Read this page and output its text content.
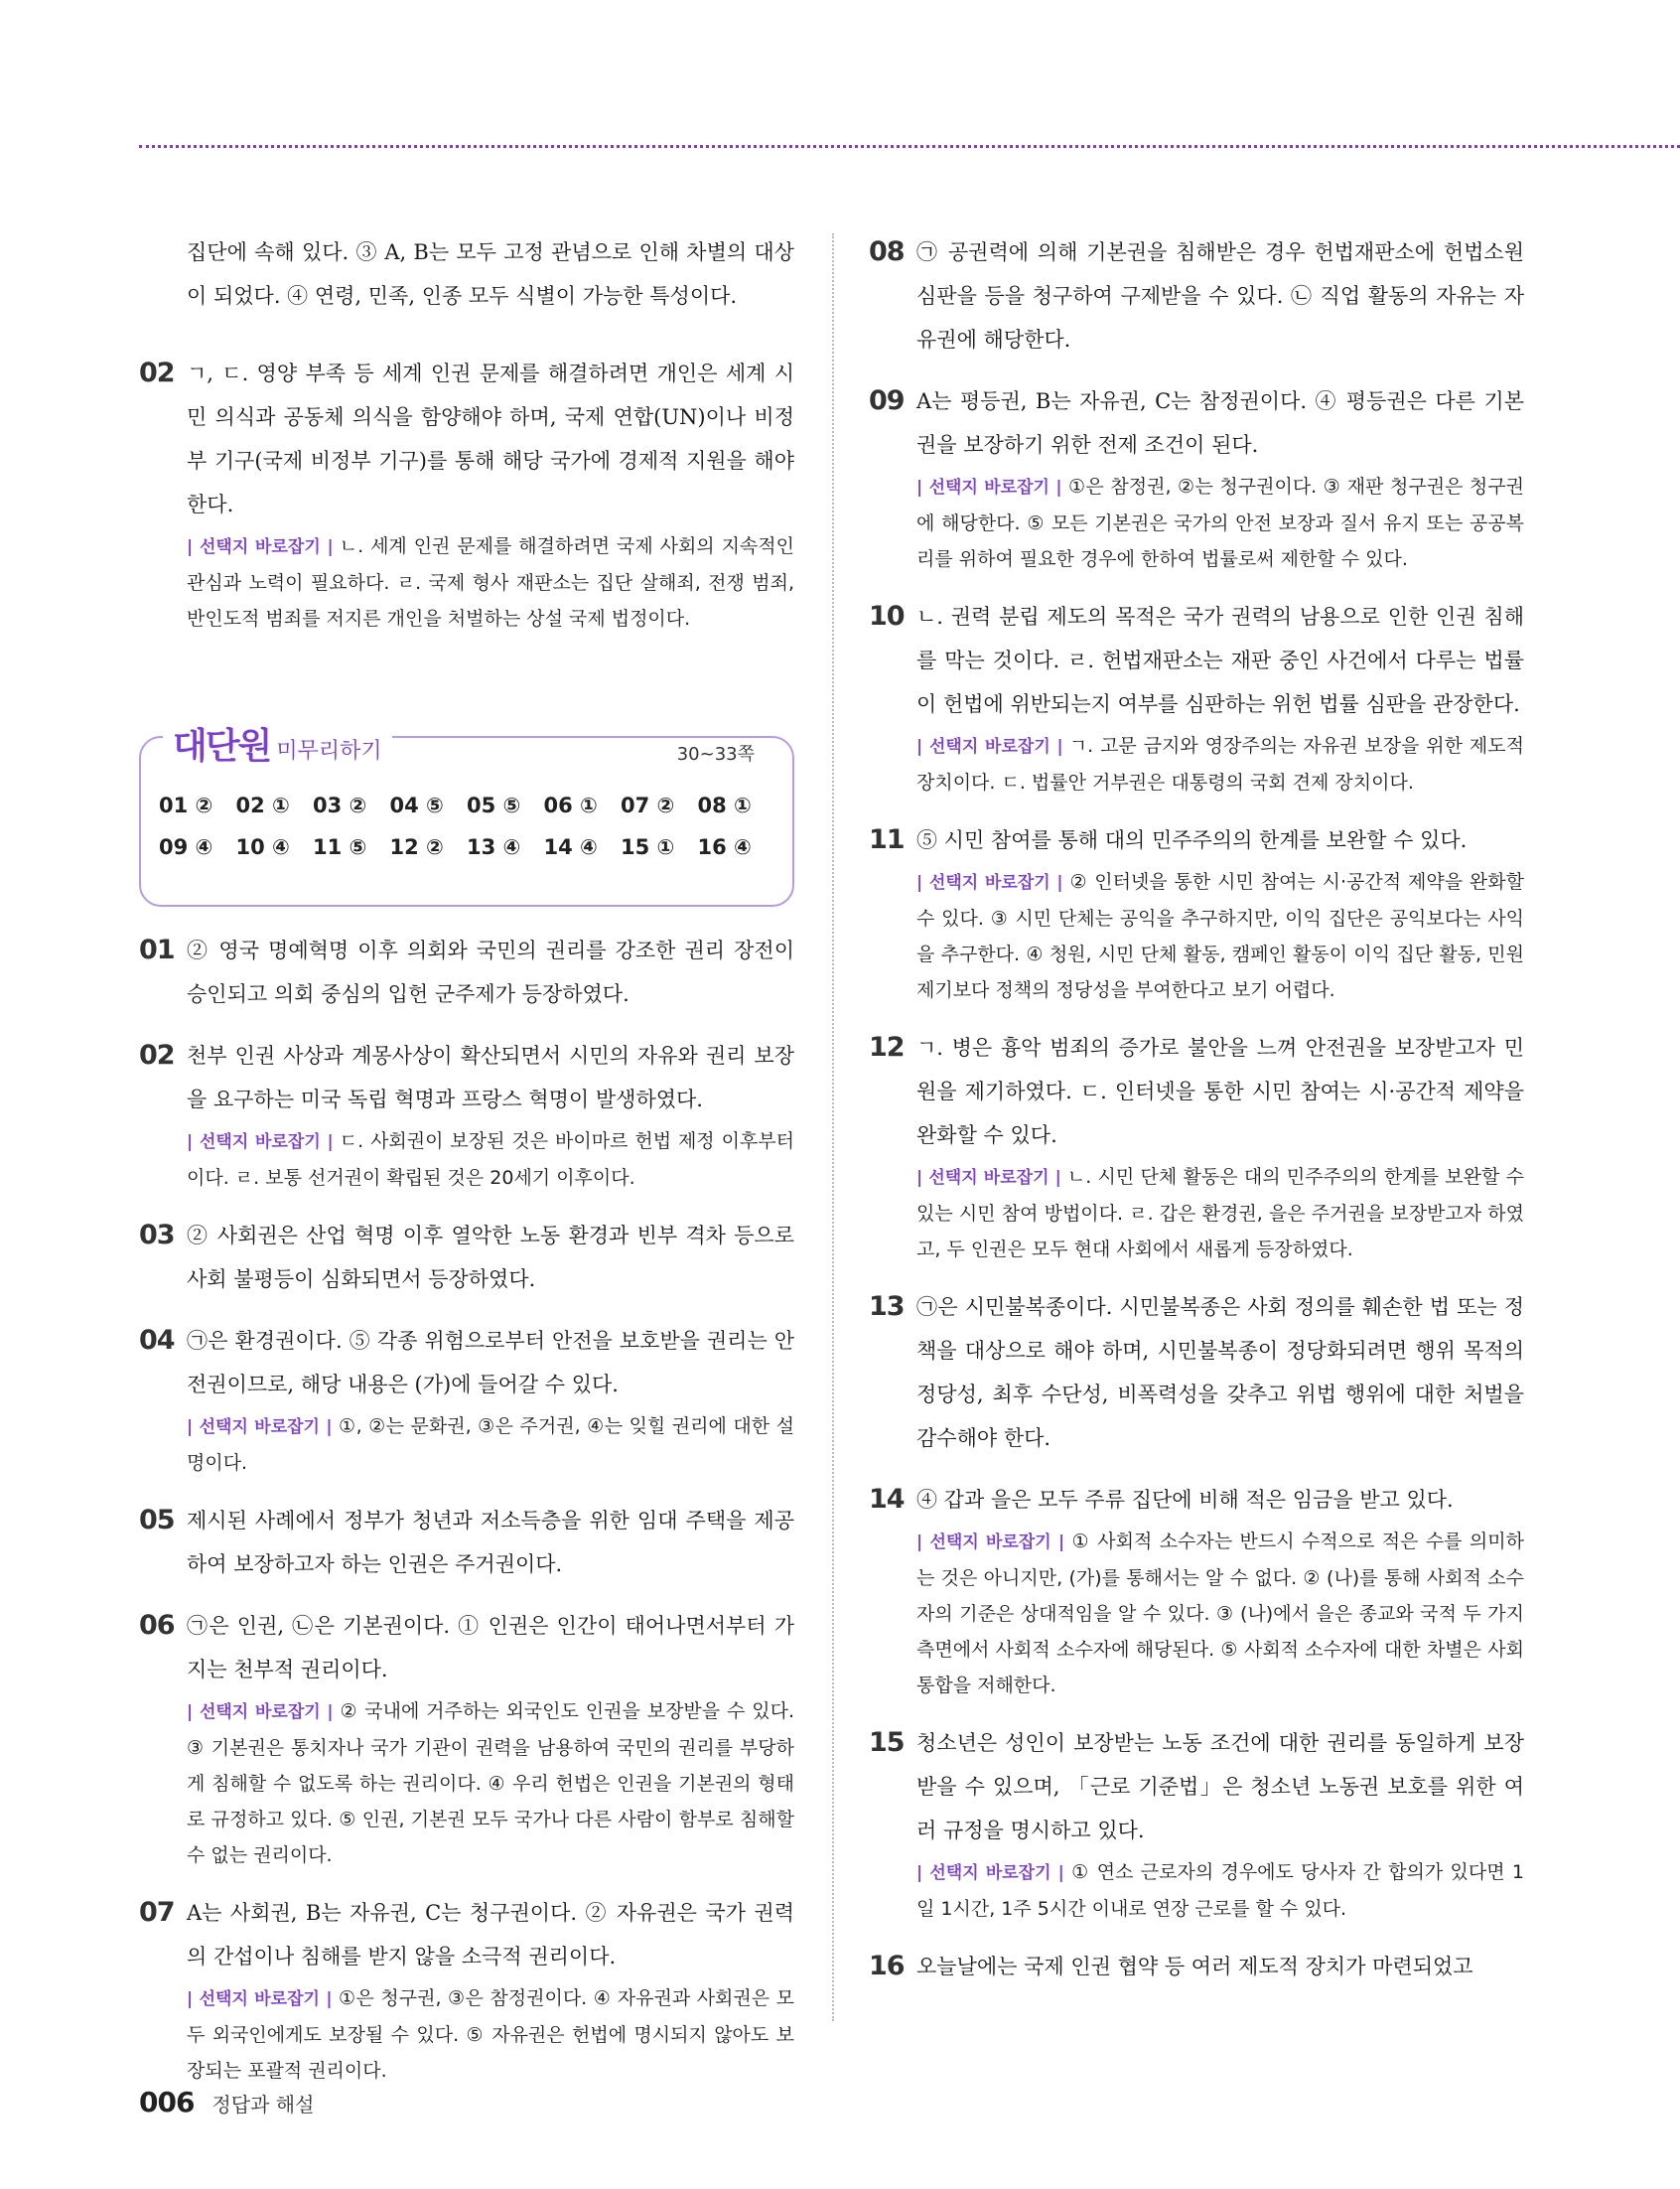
집단에 속해 있다. ③ A, B는 모두 고정 관념으로 인해 차별의 대상이 되었다. ④ 연령, 민족, 인종 모두 식별이 가능한 특성이다.
02 ㄱ, ㄷ. 영양 부족 등 세계 인권 문제를 해결하려면 개인은 세계 시민 의식과 공동체 의식을 함양해야 하며, 국제 연합(UN)이나 비정부 기구(국제 비정부 기구)를 통해 해당 국가에 경제적 지원을 해야 한다.
| 선택지 바로잡기 | ㄴ. 세계 인권 문제를 해결하려면 국제 사회의 지속적인 관심과 노력이 필요하다. ㄹ. 국제 형사 재판소는 집단 살해죄, 전쟁 범죄, 반인도적 범죄를 저지른 개인을 처벌하는 상설 국제 법정이다.
대단원 미무리하기	30~33쪽
01 ②	02 ①	03 ②	04 ⑤	05 ⑤	06 ①	07 ②	08 ①
09 ④	10 ④	11 ⑤	12 ②	13 ④	14 ④	15 ①	16 ④
01 ② 영국 명예혁명 이후 의회와 국민의 권리를 강조한 권리 장전이 승인되고 의회 중심의 입헌 군주제가 등장하였다.
02 천부 인권 사상과 계몽사상이 확산되면서 시민의 자유와 권리 보장을 요구하는 미국 독립 혁명과 프랑스 혁명이 발생하였다.
| 선택지 바로잡기 | ㄷ. 사회권이 보장된 것은 바이마르 헌법 제정 이후부터이다. ㄹ. 보통 선거권이 확립된 것은 20세기 이후이다.
03 ② 사회권은 산업 혁명 이후 열악한 노동 환경과 빈부 격차 등으로 사회 불평등이 심화되면서 등장하였다.
04 ㉠은 환경권이다. ⑤ 각종 위험으로부터 안전을 보호받을 권리는 안전권이므로, 해당 내용은 (가)에 들어갈 수 있다.
| 선택지 바로잡기 | ①, ②는 문화권, ③은 주거권, ④는 잊힐 권리에 대한 설명이다.
05 제시된 사례에서 정부가 청년과 저소득층을 위한 임대 주택을 제공하여 보장하고자 하는 인권은 주거권이다.
06 ㉠은 인권, ㉡은 기본권이다. ① 인권은 인간이 태어나면서부터 가지는 천부적 권리이다.
| 선택지 바로잡기 | ② 국내에 거주하는 외국인도 인권을 보장받을 수 있다. ③ 기본권은 통치자나 국가 기관이 권력을 남용하여 국민의 권리를 부당하게 침해할 수 없도록 하는 권리이다. ④ 우리 헌법은 인권을 기본권의 형태로 규정하고 있다. ⑤ 인권, 기본권 모두 국가나 다른 사람이 함부로 침해할 수 없는 권리이다.
07 A는 사회권, B는 자유권, C는 청구권이다. ② 자유권은 국가 권력의 간섭이나 침해를 받지 않을 소극적 권리이다.
| 선택지 바로잡기 | ①은 청구권, ③은 참정권이다. ④ 자유권과 사회권은 모두 외국인에게도 보장될 수 있다. ⑤ 자유권은 헌법에 명시되지 않아도 보장되는 포괄적 권리이다.
08 ㉠ 공권력에 의해 기본권을 침해받은 경우 헌법재판소에 헌법소원 심판을 등을 청구하여 구제받을 수 있다. ㉡ 직업 활동의 자유는 자유권에 해당한다.
09 A는 평등권, B는 자유권, C는 참정권이다. ④ 평등권은 다른 기본권을 보장하기 위한 전제 조건이 된다.
| 선택지 바로잡기 | ①은 참정권, ②는 청구권이다. ③ 재판 청구권은 청구권에 해당한다. ⑤ 모든 기본권은 국가의 안전 보장과 질서 유지 또는 공공복리를 위하여 필요한 경우에 한하여 법률로써 제한할 수 있다.
10 ㄴ. 권력 분립 제도의 목적은 국가 권력의 남용으로 인한 인권 침해를 막는 것이다. ㄹ. 헌법재판소는 재판 중인 사건에서 다루는 법률이 헌법에 위반되는지 여부를 심판하는 위헌 법률 심판을 관장한다.
| 선택지 바로잡기 | ㄱ. 고문 금지와 영장주의는 자유권 보장을 위한 제도적 장치이다. ㄷ. 법률안 거부권은 대통령의 국회 견제 장치이다.
11 ⑤ 시민 참여를 통해 대의 민주주의의 한계를 보완할 수 있다.
| 선택지 바로잡기 | ② 인터넷을 통한 시민 참여는 시·공간적 제약을 완화할 수 있다. ③ 시민 단체는 공익을 추구하지만, 이익 집단은 공익보다는 사익을 추구한다. ④ 청원, 시민 단체 활동, 캠페인 활동이 이익 집단 활동, 민원 제기보다 정책의 정당성을 부여한다고 보기 어렵다.
12 ㄱ. 병은 흉악 범죄의 증가로 불안을 느껴 안전권을 보장받고자 민원을 제기하였다. ㄷ. 인터넷을 통한 시민 참여는 시·공간적 제약을 완화할 수 있다.
| 선택지 바로잡기 | ㄴ. 시민 단체 활동은 대의 민주주의의 한계를 보완할 수 있는 시민 참여 방법이다. ㄹ. 갑은 환경권, 을은 주거권을 보장받고자 하였고, 두 인권은 모두 현대 사회에서 새롭게 등장하였다.
13 ㉠은 시민불복종이다. 시민불복종은 사회 정의를 훼손한 법 또는 정책을 대상으로 해야 하며, 시민불복종이 정당화되려면 행위 목적의 정당성, 최후 수단성, 비폭력성을 갖추고 위법 행위에 대한 처벌을 감수해야 한다.
14 ④ 갑과 을은 모두 주류 집단에 비해 적은 임금을 받고 있다.
| 선택지 바로잡기 | ① 사회적 소수자는 반드시 수적으로 적은 수를 의미하는 것은 아니지만, (가)를 통해서는 알 수 없다. ② (나)를 통해 사회적 소수자의 기준은 상대적임을 알 수 있다. ③ (나)에서 을은 종교와 국적 두 가지 측면에서 사회적 소수자에 해당된다. ⑤ 사회적 소수자에 대한 차별은 사회 통합을 저해한다.
15 청소년은 성인이 보장받는 노동 조건에 대한 권리를 동일하게 보장받을 수 있으며, 「근로 기준법」은 청소년 노동권 보호를 위한 여러 규정을 명시하고 있다.
| 선택지 바로잡기 | ① 연소 근로자의 경우에도 당사자 간 합의가 있다면 1일 1시간, 1주 5시간 이내로 연장 근로를 할 수 있다.
16 오늘날에는 국제 인권 협약 등 여러 제도적 장치가 마련되었고
006 정답과 해설
